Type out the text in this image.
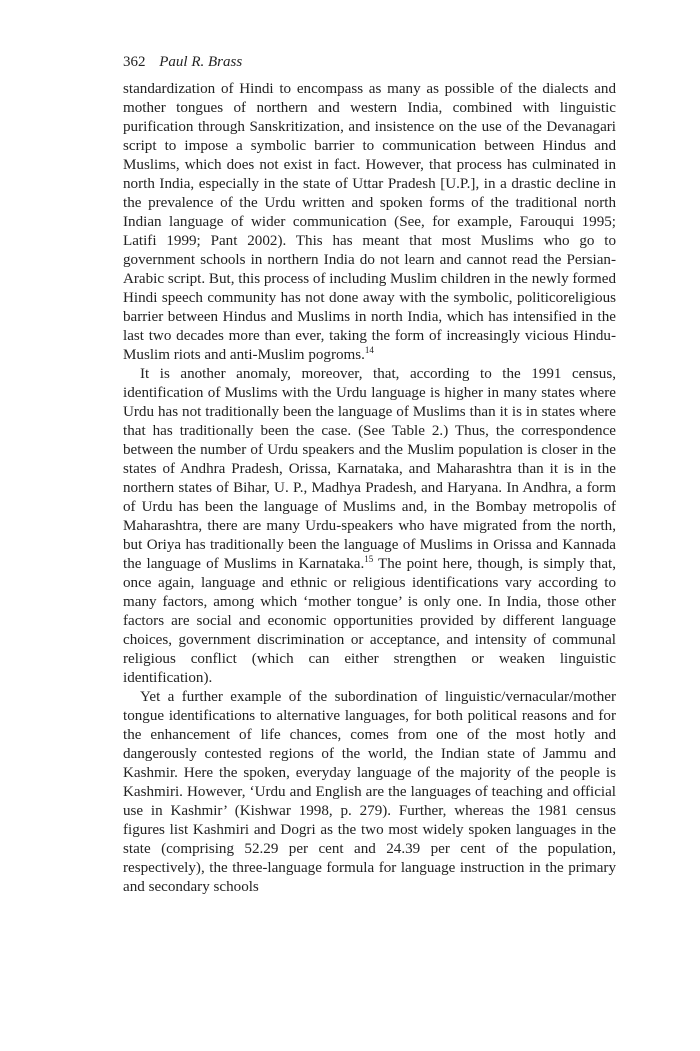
362 Paul R. Brass

standardization of Hindi to encompass as many as possible of the dialects and mother tongues of northern and western India, combined with linguistic purification through Sanskritization, and insistence on the use of the Devanagari script to impose a symbolic barrier to communication between Hindus and Muslims, which does not exist in fact. However, that process has culminated in north India, especially in the state of Uttar Pradesh [U.P.], in a drastic decline in the prevalence of the Urdu written and spoken forms of the traditional north Indian language of wider communication (See, for example, Farouqui 1995; Latifi 1999; Pant 2002). This has meant that most Muslims who go to government schools in northern India do not learn and cannot read the Persian-Arabic script. But, this process of including Muslim children in the newly formed Hindi speech community has not done away with the symbolic, politicoreligious barrier between Hindus and Muslims in north India, which has intensified in the last two decades more than ever, taking the form of increasingly vicious Hindu-Muslim riots and anti-Muslim pogroms.$^{14}$

It is another anomaly, moreover, that, according to the 1991 census, identification of Muslims with the Urdu language is higher in many states where Urdu has not traditionally been the language of Muslims than it is in states where that has traditionally been the case. (See Table 2.) Thus, the correspondence between the number of Urdu speakers and the Muslim population is closer in the states of Andhra Pradesh, Orissa, Karnataka, and Maharashtra than it is in the northern states of Bihar, U. P., Madhya Pradesh, and Haryana. In Andhra, a form of Urdu has been the language of Muslims and, in the Bombay metropolis of Maharashtra, there are many Urdu-speakers who have migrated from the north, but Oriya has traditionally been the language of Muslims in Orissa and Kannada the language of Muslims in Karnataka.$^{15}$ The point here, though, is simply that, once again, language and ethnic or religious identifications vary according to many factors, among which ‘mother tongue’ is only one. In India, those other factors are social and economic opportunities provided by different language choices, government discrimination or acceptance, and intensity of communal religious conflict (which can either strengthen or weaken linguistic identification).

Yet a further example of the subordination of linguistic/vernacular/mother tongue identifications to alternative languages, for both political reasons and for the enhancement of life chances, comes from one of the most hotly and dangerously contested regions of the world, the Indian state of Jammu and Kashmir. Here the spoken, everyday language of the majority of the people is Kashmiri. However, ‘Urdu and English are the languages of teaching and official use in Kashmir’ (Kishwar 1998, p. 279). Further, whereas the 1981 census figures list Kashmiri and Dogri as the two most widely spoken languages in the state (comprising 52.29 per cent and 24.39 per cent of the population, respectively), the three-language formula for language instruction in the primary and secondary schools
